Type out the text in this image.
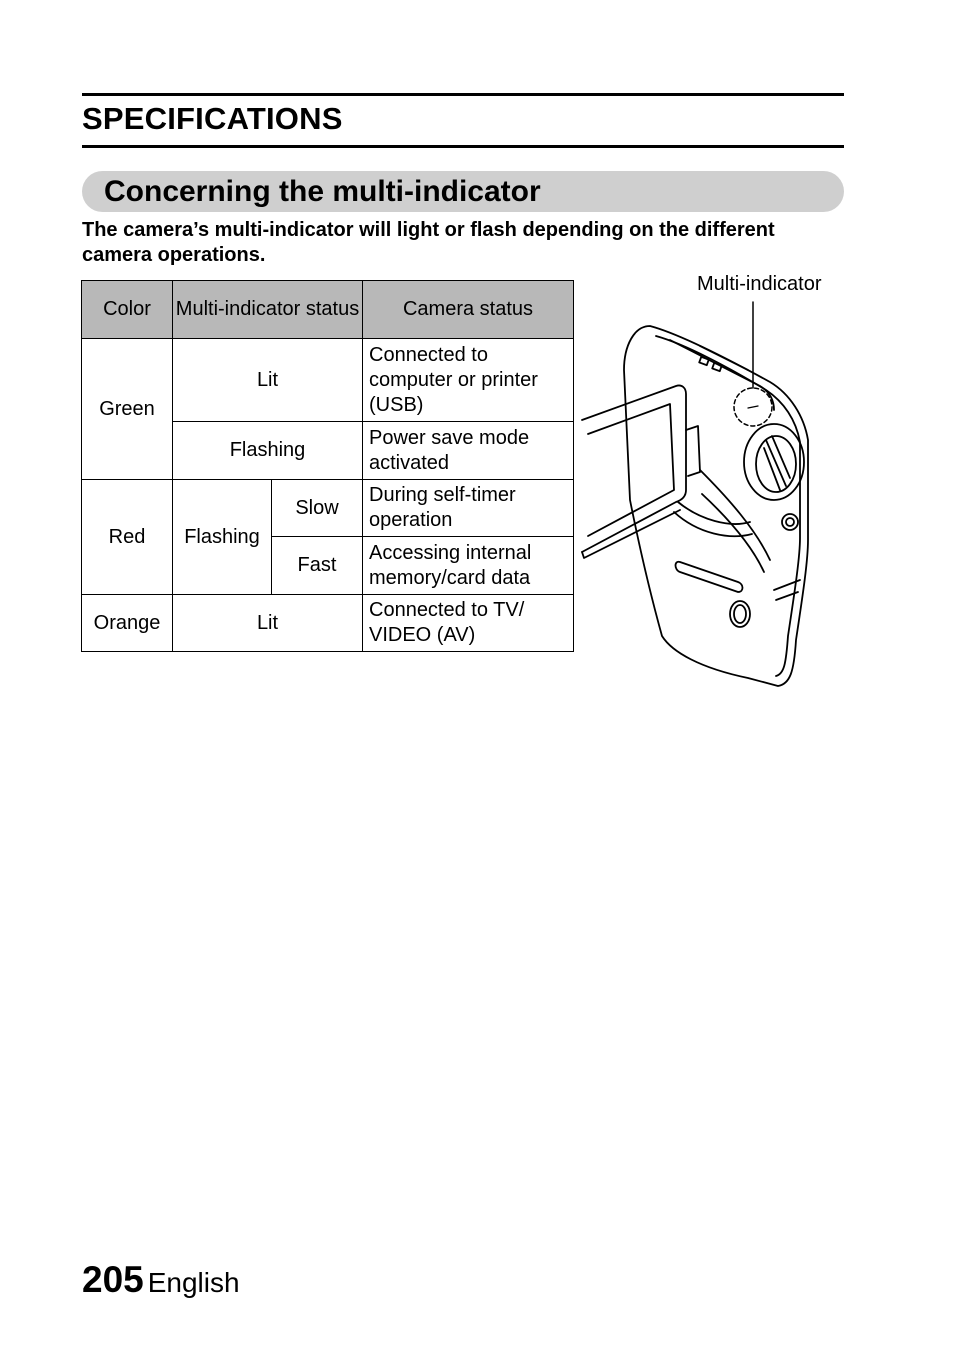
SPECIFICATIONS
Concerning the multi-indicator

The camera’s multi-indicator will light or flash depending on the different camera operations.

Color	Multi-indicator status		Camera status
Green	Lit		Connected to computer or printer (USB)
	Flashing		Power save mode activated
Red	Flashing	Slow	During self-timer operation
		Fast	Accessing internal memory/card data
Orange	Lit		Connected to TV/ VIDEO (AV)

Multi-indicator

205 English
